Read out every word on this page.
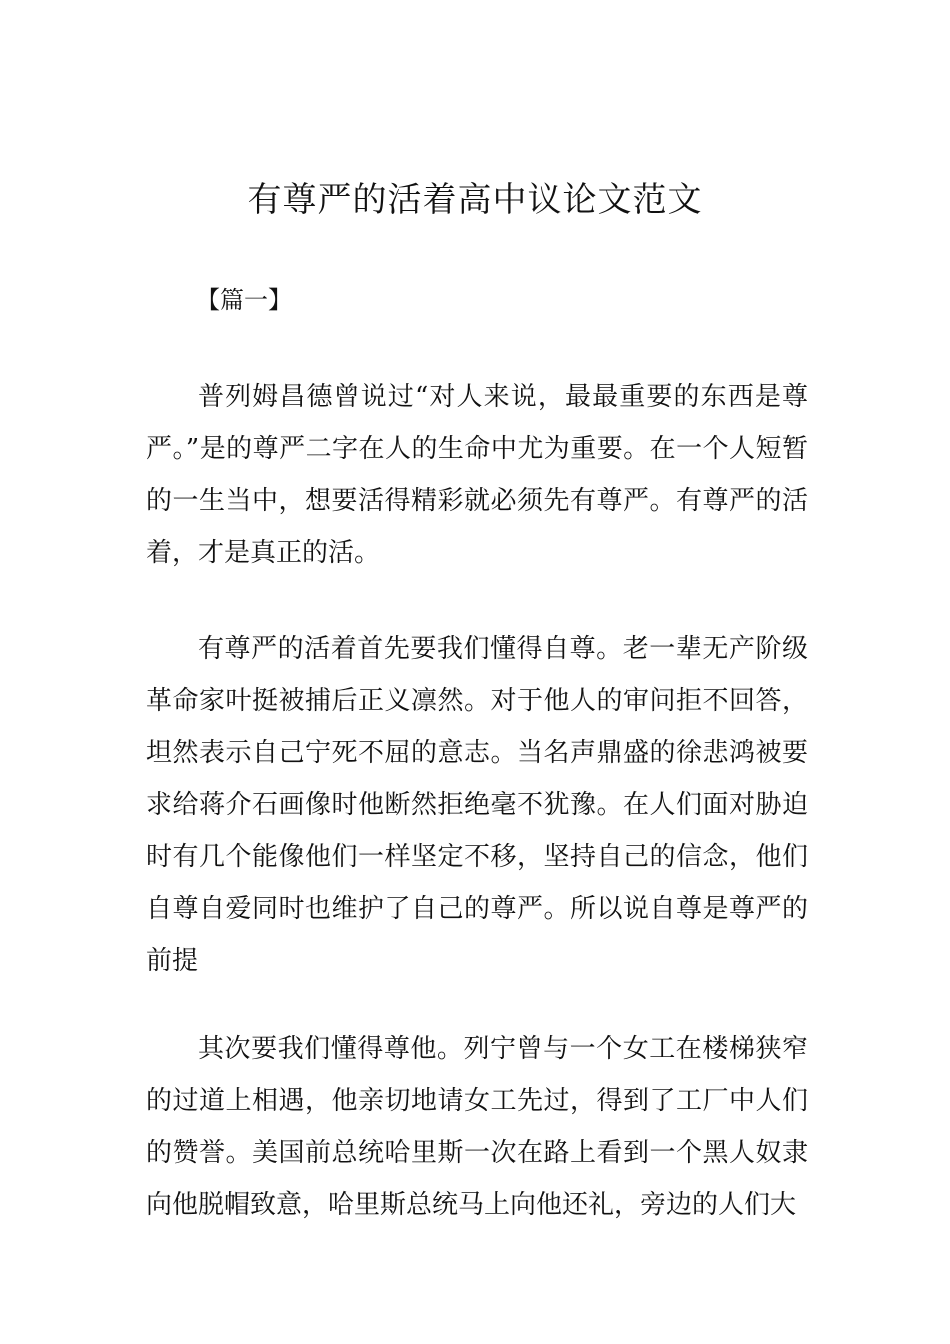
有尊严的活着高中议论文范文
【篇一】

普列姆昌德曾说过“对人来说，最最重要的东西是尊严。”是的尊严二字在人的生命中尤为重要。在一个人短暂的一生当中，想要活得精彩就必须先有尊严。有尊严的活着，才是真正的活。

有尊严的活着首先要我们懂得自尊。老一辈无产阶级革命家叶挺被捕后正义凛然。对于他人的审问拒不回答，坦然表示自己宁死不屈的意志。当名声鼎盛的徐悲鸿被要求给蒋介石画像时他断然拒绝毫不犹豫。在人们面对胁迫时有几个能像他们一样坚定不移，坚持自己的信念，他们自尊自爱同时也维护了自己的尊严。所以说自尊是尊严的前提

其次要我们懂得尊他。列宁曾与一个女工在楼梯狭窄的过道上相遇，他亲切地请女工先过，得到了工厂中人们的赞誉。美国前总统哈里斯一次在路上看到一个黑人奴隶向他脱帽致意，哈里斯总统马上向他还礼，旁边的人们大
